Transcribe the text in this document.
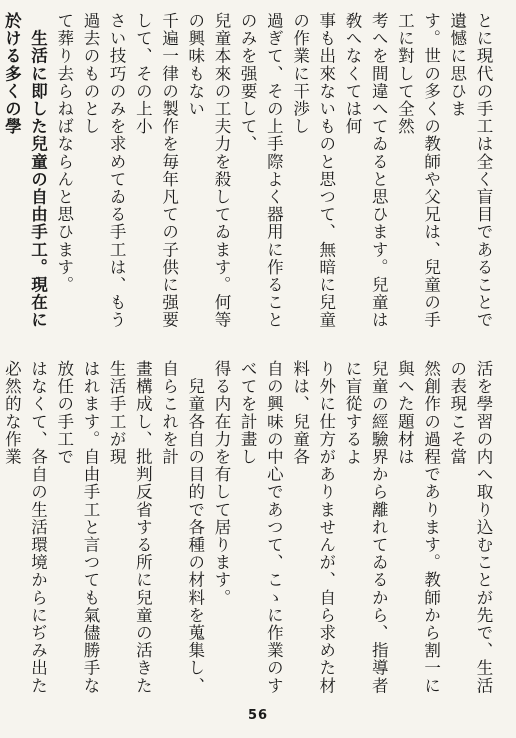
とに現代の手工は全く盲目であることで遺憾に思ひま
す。世の多くの教師や父兄は、兒童の手工に對して全然
考へを間違へてゐると思ひます。兒童は敎へなくては何
事も出來ないものと思つて、無暗に兒童の作業に干渉し
過ぎて、その上手際よく器用に作ることのみを强要して、
兒童本來の工夫力を殺してゐます。何等の興味もない
千遍一律の製作を毎年凡ての子供に强要して、その上小
さい技巧のみを求めてゐる手工は、もう過去のものとし
て葬り去らねばならんと思ひます。
　生活に即した兒童の自由手工。現在に於ける多くの學
活を學習の内へ取り込むことが先で、生活の表現こそ當
然創作の過程であります。教師から割一に與へた題材は
兒童の經驗界から離れてゐるから、指導者に盲從するよ
り外に仕方がありませんが、自ら求めた材料は、兒童各
自の興味の中心であつて、こゝに作業のすべてを計畫し
得る内在力を有して居ります。
　兒童各自の目的で各種の材料を蒐集し、自らこれを計
畫構成し、批判反省する所に兒童の活きた生活手工が現
はれます。自由手工と言つても氣儘勝手な放任の手工で
はなくて、各自の生活環境からにぢみ出た必然的な作業
56
